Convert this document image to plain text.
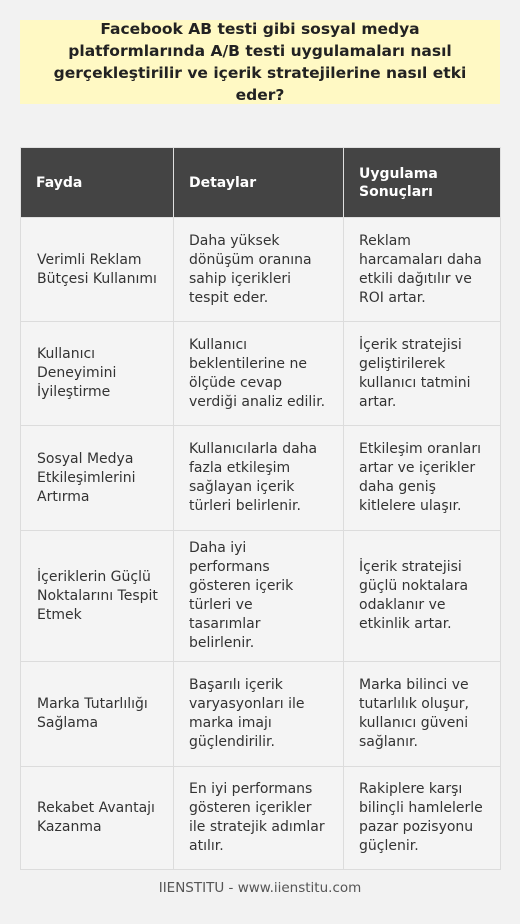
Facebook AB testi gibi sosyal medya platformlarında A/B testi uygulamaları nasıl gerçekleştirilir ve içerik stratejilerine nasıl etki eder?
Fayda	Detaylar	Uygulama Sonuçları
Verimli Reklam Bütçesi Kullanımı	Daha yüksek dönüşüm oranına sahip içerikleri tespit eder.	Reklam harcamaları daha etkili dağıtılır ve ROI artar.
Kullanıcı Deneyimini İyileştirme	Kullanıcı beklentilerine ne ölçüde cevap verdiği analiz edilir.	İçerik stratejisi geliştirilerek kullanıcı tatmini artar.
Sosyal Medya Etkileşimlerini Artırma	Kullanıcılarla daha fazla etkileşim sağlayan içerik türleri belirlenir.	Etkileşim oranları artar ve içerikler daha geniş kitlelere ulaşır.
İçeriklerin Güçlü Noktalarını Tespit Etmek	Daha iyi performans gösteren içerik türleri ve tasarımlar belirlenir.	İçerik stratejisi güçlü noktalara odaklanır ve etkinlik artar.
Marka Tutarlılığı Sağlama	Başarılı içerik varyasyonları ile marka imajı güçlendirilir.	Marka bilinci ve tutarlılık oluşur, kullanıcı güveni sağlanır.
Rekabet Avantajı Kazanma	En iyi performans gösteren içerikler ile stratejik adımlar atılır.	Rakiplere karşı bilinçli hamlelerle pazar pozisyonu güçlenir.
IIENSTITU - www.iienstitu.com
